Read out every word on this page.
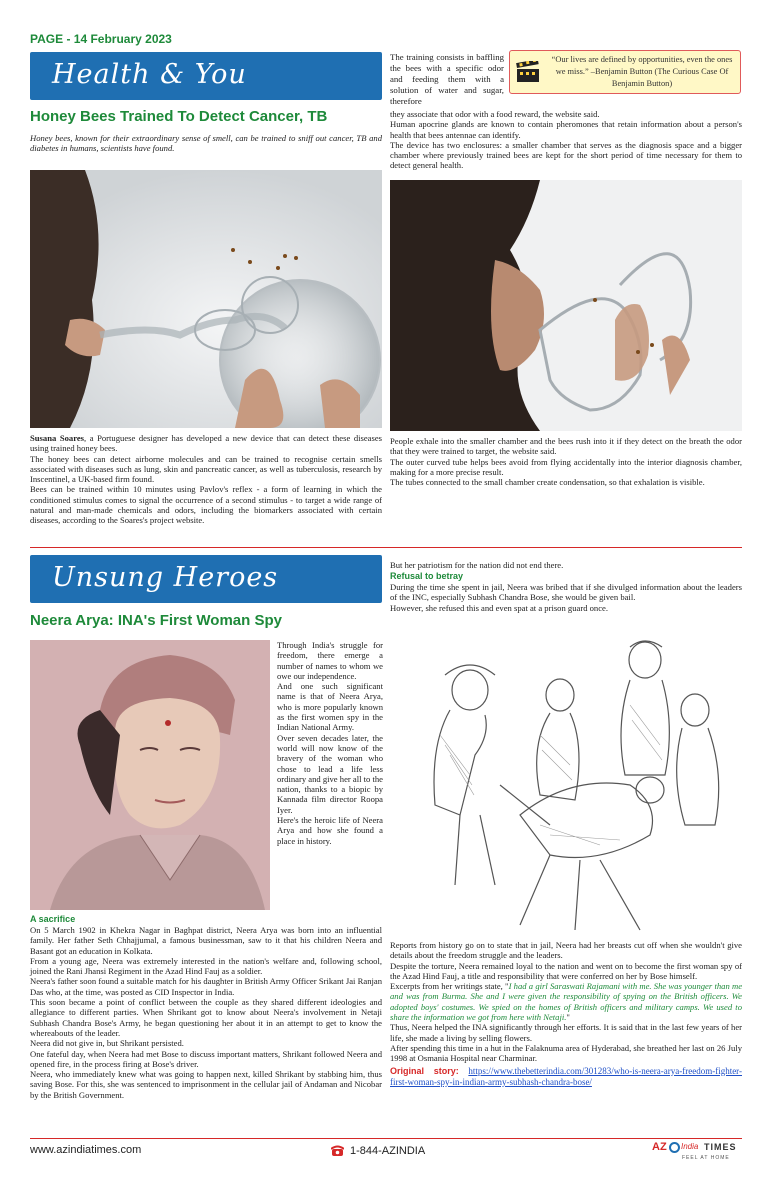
PAGE - 14 February 2023
Health & You
Honey Bees Trained To Detect Cancer, TB
Honey bees, known for their extraordinary sense of smell, can be trained to sniff out cancer, TB and diabetes in humans, scientists have found.

Susana Soares, a Portuguese designer has developed a new device that can detect these diseases using trained honey bees.

The honey bees can detect airborne molecules and can be trained to recognise certain smells associated with diseases such as lung, skin and pancreatic cancer, as well as tuberculosis, research by Inscentinel, a UK-based firm found.

Bees can be trained within 10 minutes using Pavlov's reflex - a form of learning in which the conditioned stimulus comes to signal the occurrence of a second stimulus - to target a wide range of natural and man-made chemicals and odors, including the biomarkers associated with certain diseases, according to the Soares's project website.

The training consists in baffling the bees with a specific odor and feeding them with a solution of water and sugar, therefore
“Our lives are defined by opportunities, even the ones we miss.” –Benjamin Button (The Curious Case Of Benjamin Button)

they associate that odor with a food reward, the website said.

Human apocrine glands are known to contain pheromones that retain information about a person's health that bees antennae can identify.

The device has two enclosures: a smaller chamber that serves as the diagnosis space and a bigger chamber where previously trained bees are kept for the short period of time necessary for them to detect general health.

People exhale into the smaller chamber and the bees rush into it if they detect on the breath the odor that they were trained to target, the website said.

The outer curved tube helps bees avoid from flying accidentally into the interior diagnosis chamber, making for a more precise result.

The tubes connected to the small chamber create condensation, so that exhalation is visible.

Unsung Heroes
Neera Arya: INA's First Woman Spy

Through India's struggle for freedom, there emerge a number of names to whom we owe our independence.

And one such significant name is that of Neera Arya, who is more popularly known as the first women spy in the Indian National Army.

Over seven decades later, the world will now know of the bravery of the woman who chose to lead a life less ordinary and give her all to the nation, thanks to a biopic by Kannada film director Roopa Iyer.

Here's the heroic life of Neera Arya and how she found a place in history.

A sacrifice

On 5 March 1902 in Khekra Nagar in Baghpat district, Neera Arya was born into an influential family. Her father Seth Chhajjumal, a famous businessman, saw to it that his children Neera and Basant got an education in Kolkata.

From a young age, Neera was extremely interested in the nation's welfare and, following school, joined the Rani Jhansi Regiment in the Azad Hind Fauj as a soldier.

Neera's father soon found a suitable match for his daughter in British Army Officer Srikant Jai Ranjan Das who, at the time, was posted as CID Inspector in India.

This soon became a point of conflict between the couple as they shared different ideologies and allegiance to different parties. When Shrikant got to know about Neera's involvement in Netaji Subhash Chandra Bose's Army, he began questioning her about it in an attempt to get to know the whereabouts of the leader.

Neera did not give in, but Shrikant persisted.

One fateful day, when Neera had met Bose to discuss important matters, Shrikant followed Neera and opened fire, in the process firing at Bose's driver.

Neera, who immediately knew what was going to happen next, killed Shrikant by stabbing him, thus saving Bose. For this, she was sentenced to imprisonment in the cellular jail of Andaman and Nicobar by the British Government.

But her patriotism for the nation did not end there.
Refusal to betray

During the time she spent in jail, Neera was bribed that if she divulged information about the leaders of the INC, especially Subhash Chandra Bose, she would be given bail.

However, she refused this and even spat at a prison guard once.

Reports from history go on to state that in jail, Neera had her breasts cut off when she wouldn't give details about the freedom struggle and the leaders.

Despite the torture, Neera remained loyal to the nation and went on to become the first woman spy of the Azad Hind Fauj, a title and responsibility that were conferred on her by Bose himself.

Excerpts from her writings state, "I had a girl Saraswati Rajamani with me. She was younger than me and was from Burma. She and I were given the responsibility of spying on the British officers. We adopted boys' costumes. We spied on the homes of British officers and military camps. We used to share the information we got from here with Netaji."

Thus, Neera helped the INA significantly through her efforts. It is said that in the last few years of her life, she made a living by selling flowers.

After spending this time in a hut in the Falaknuma area of Hyderabad, she breathed her last on 26 July 1998 at Osmania Hospital near Charminar.

Original story: https://www.thebetterindia.com/301283/who-is-neera-arya-freedom-fighter-first-woman-spy-in-indian-army-subhash-chandra-bose/

www.azindiatimes.com	1-844-AZINDIA	AZ India TIMES
FEEL AT HOME
